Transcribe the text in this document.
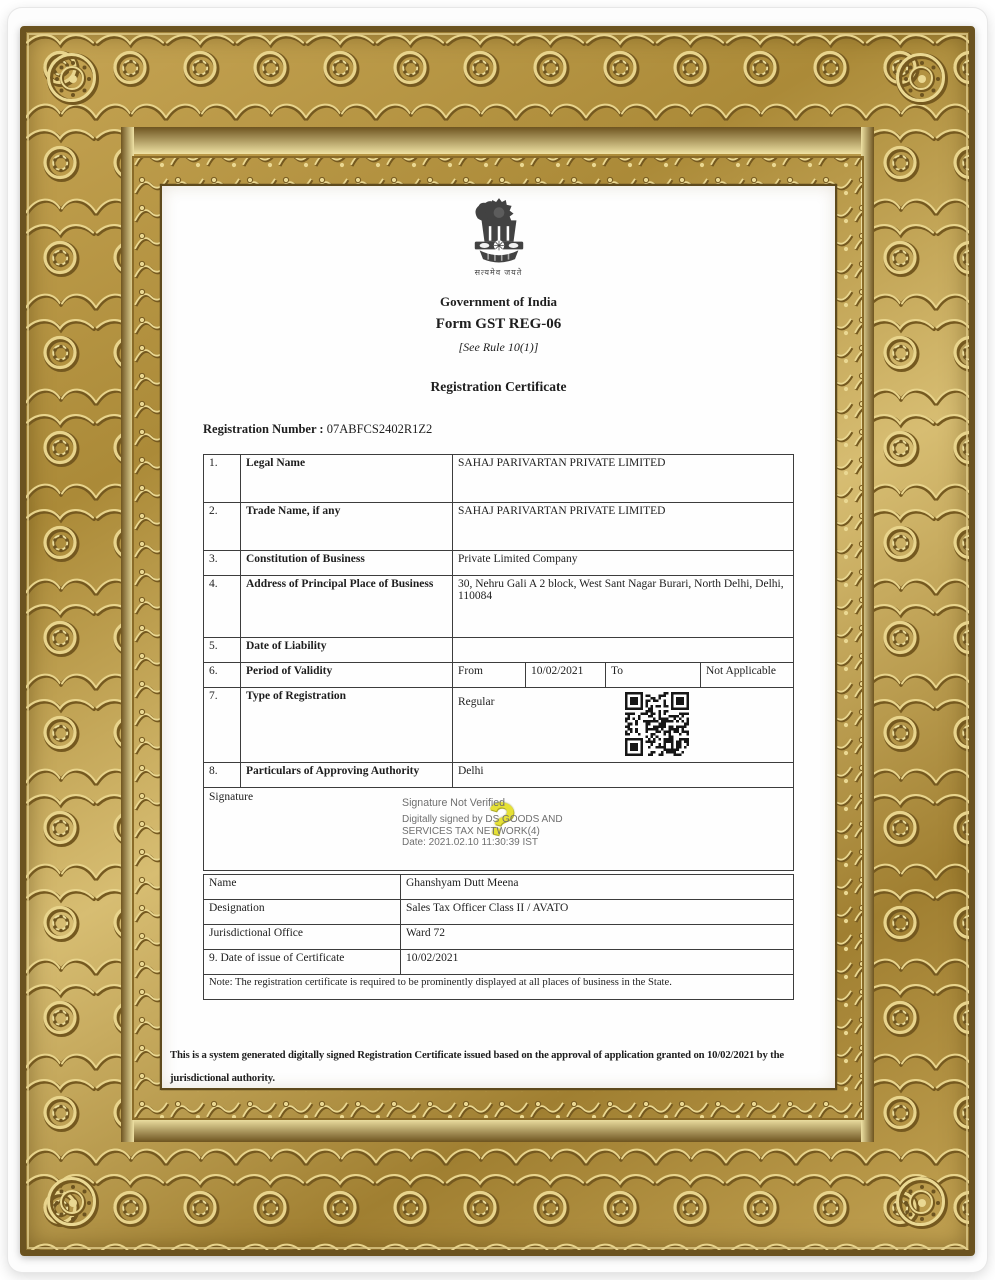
सत्यमेव जयते
Government of India
Form GST REG-06
[See Rule 10(1)]
Registration Certificate
Registration Number : 07ABFCS2402R1Z2
1.	Legal Name	SAHAJ PARIVARTAN PRIVATE LIMITED			
2.	Trade Name, if any	SAHAJ PARIVARTAN PRIVATE LIMITED			
3.	Constitution of Business	Private Limited Company			
4.	Address of Principal Place of Business	30, Nehru Gali A 2 block, West Sant Nagar Burari, North Delhi, Delhi, 110084			
5.	Date of Liability				
6.	Period of Validity	From	10/02/2021	To	Not Applicable
7.	Type of Registration	Regular			

8.	Particulars of Approving Authority	Delhi			

Signature	?
Signature Not Verified
Digitally signed by DS GOODS AND
SERVICES TAX NETWORK(4)
Date: 2021.02.10 11:30:39 IST
Name	Ghanshyam Dutt Meena
Designation	Sales Tax Officer Class II / AVATO
Jurisdictional Office	Ward 72
9. Date of issue of Certificate	10/02/2021
Note: The registration certificate is required to be prominently displayed at all places of business in the State.	
This is a system generated digitally signed Registration Certificate issued based on the approval of application granted on 10/02/2021 by the jurisdictional authority.
